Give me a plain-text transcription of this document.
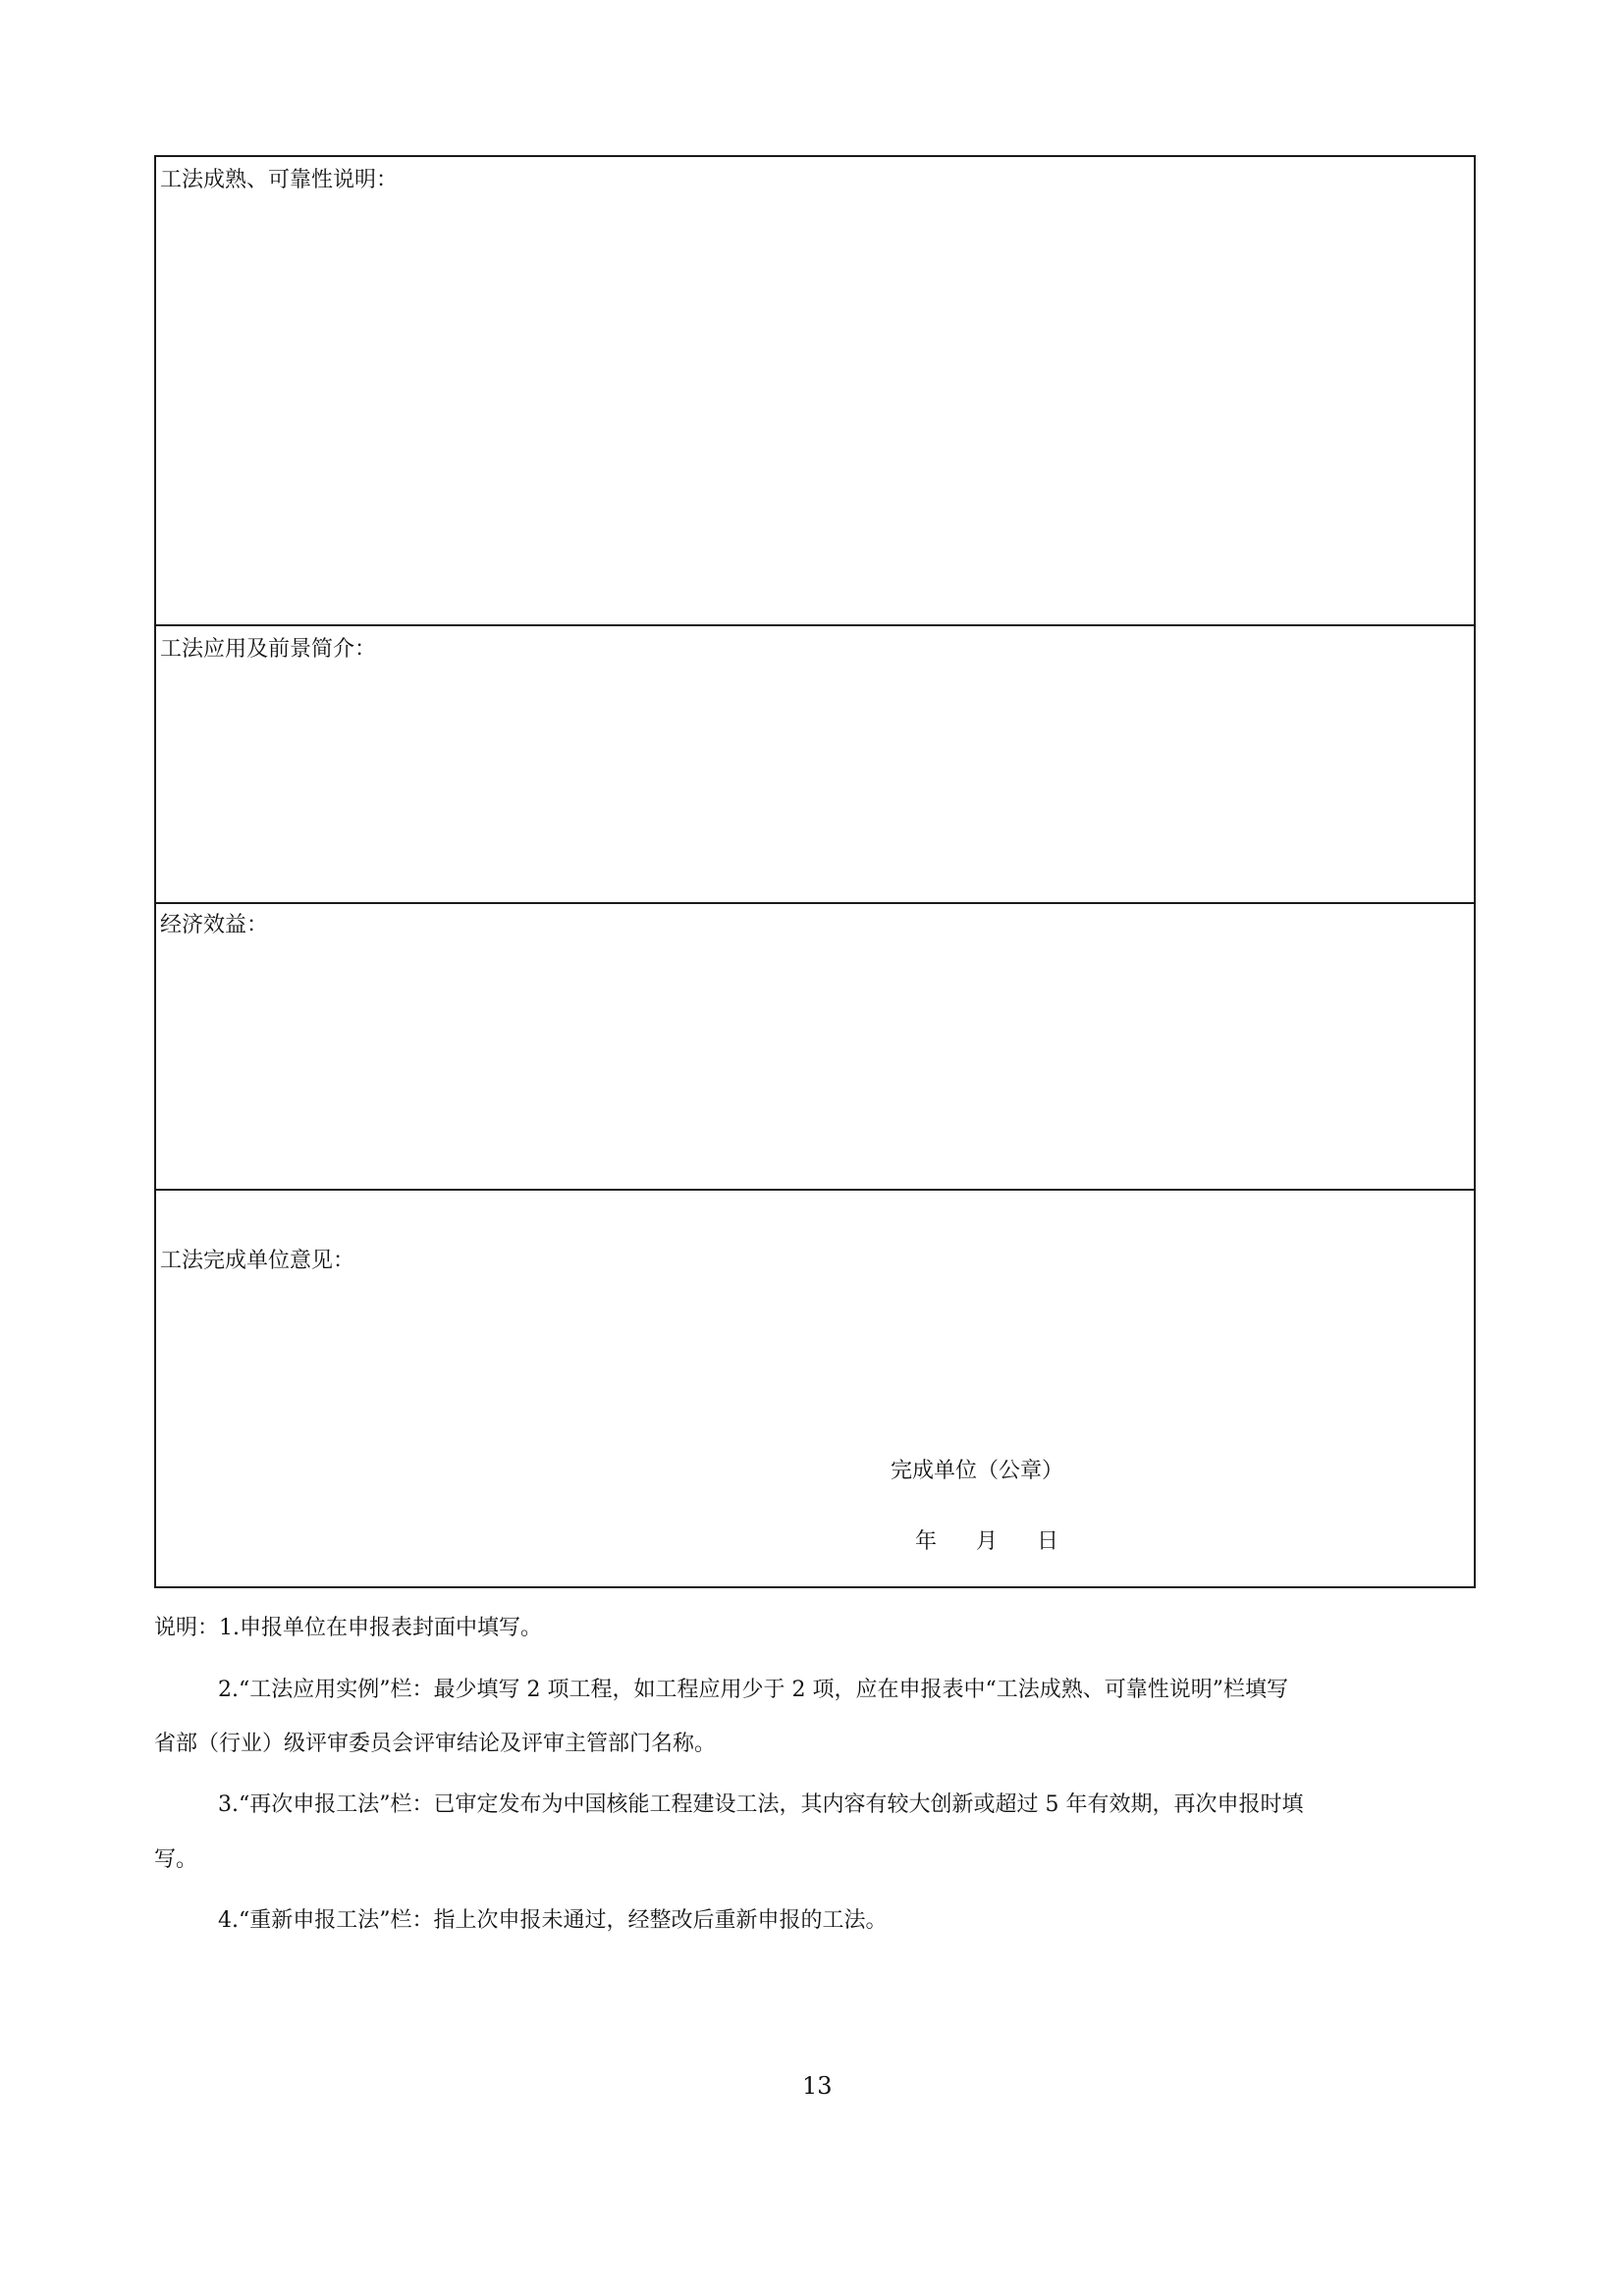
工法成熟、可靠性说明：
工法应用及前景简介：
经济效益：
工法完成单位意见：
完成单位（公章）
年 月 日
说明：1.申报单位在申报表封面中填写。
2.“工法应用实例”栏：最少填写 2 项工程，如工程应用少于 2 项，应在申报表中“工法成熟、可靠性说明”栏填写
省部（行业）级评审委员会评审结论及评审主管部门名称。
3.“再次申报工法”栏：已审定发布为中国核能工程建设工法，其内容有较大创新或超过 5 年有效期，再次申报时填
写。
4.“重新申报工法”栏：指上次申报未通过，经整改后重新申报的工法。
13
